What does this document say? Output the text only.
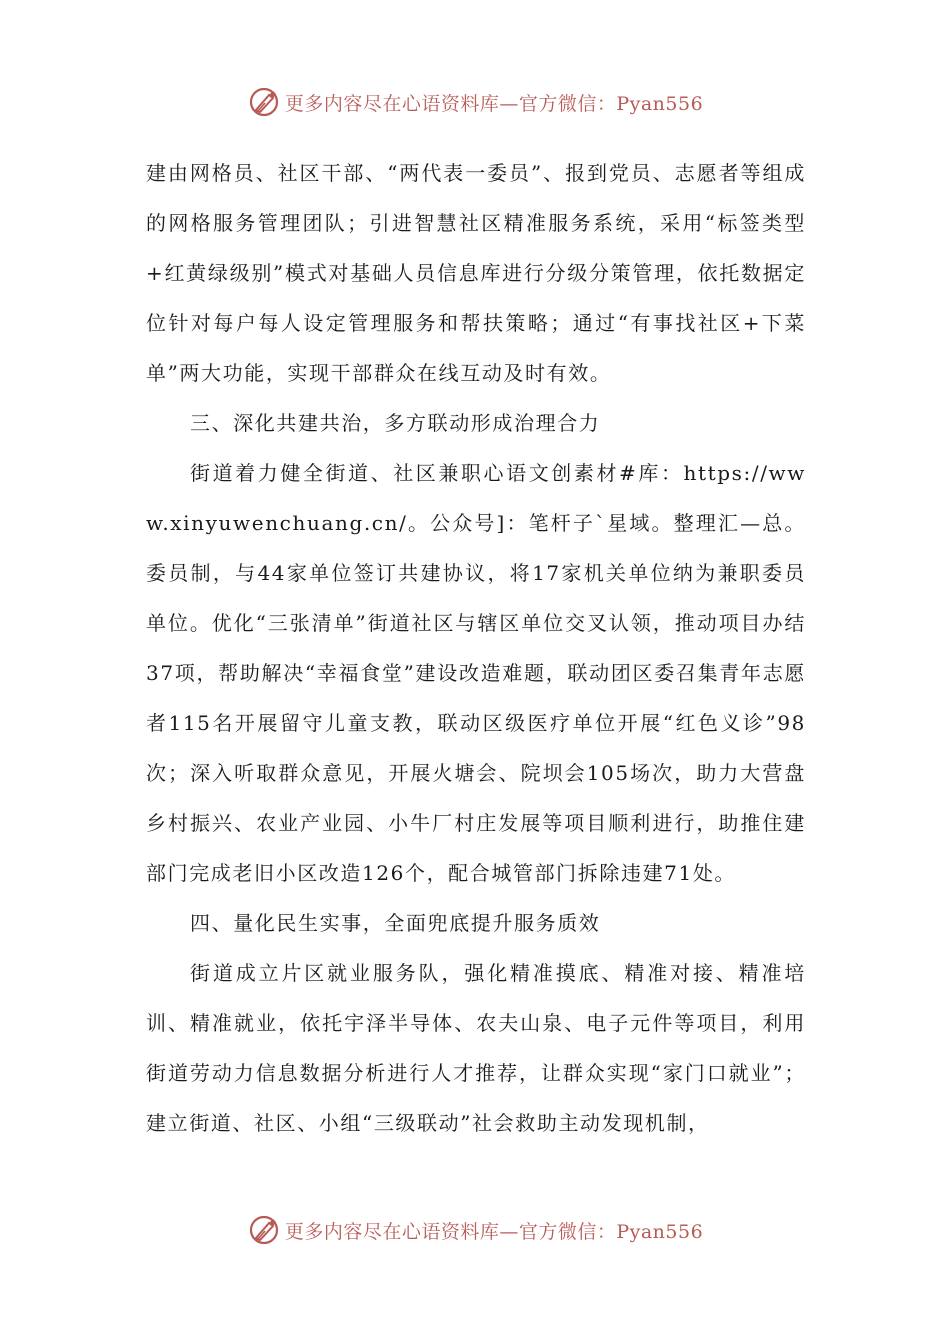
更多内容尽在心语资料库—官方微信：Pyan556

建由网格员、社区干部、“两代表一委员”、报到党员、志愿者等组成的网格服务管理团队；引进智慧社区精准服务系统，采用“标签类型+红黄绿级别”模式对基础人员信息库进行分级分策管理，依托数据定位针对每户每人设定管理服务和帮扶策略；通过“有事找社区+下菜单”两大功能，实现干部群众在线互动及时有效。

三、深化共建共治，多方联动形成治理合力

街道着力健全街道、社区兼职心语文创素材#库：https://www.xinyuwenchuang.cn/。公众号]：笔杆子`星域。整理汇—总。委员制，与44家单位签订共建协议，将17家机关单位纳为兼职委员单位。优化“三张清单”街道社区与辖区单位交叉认领，推动项目办结37项，帮助解决“幸福食堂”建设改造难题，联动团区委召集青年志愿者115名开展留守儿童支教，联动区级医疗单位开展“红色义诊”98次；深入听取群众意见，开展火塘会、院坝会105场次，助力大营盘乡村振兴、农业产业园、小牛厂村庄发展等项目顺利进行，助推住建部门完成老旧小区改造126个，配合城管部门拆除违建71处。

四、量化民生实事，全面兜底提升服务质效

街道成立片区就业服务队，强化精准摸底、精准对接、精准培训、精准就业，依托宇泽半导体、农夫山泉、电子元件等项目，利用街道劳动力信息数据分析进行人才推荐，让群众实现“家门口就业”；建立街道、社区、小组“三级联动”社会救助主动发现机制，

更多内容尽在心语资料库—官方微信：Pyan556
